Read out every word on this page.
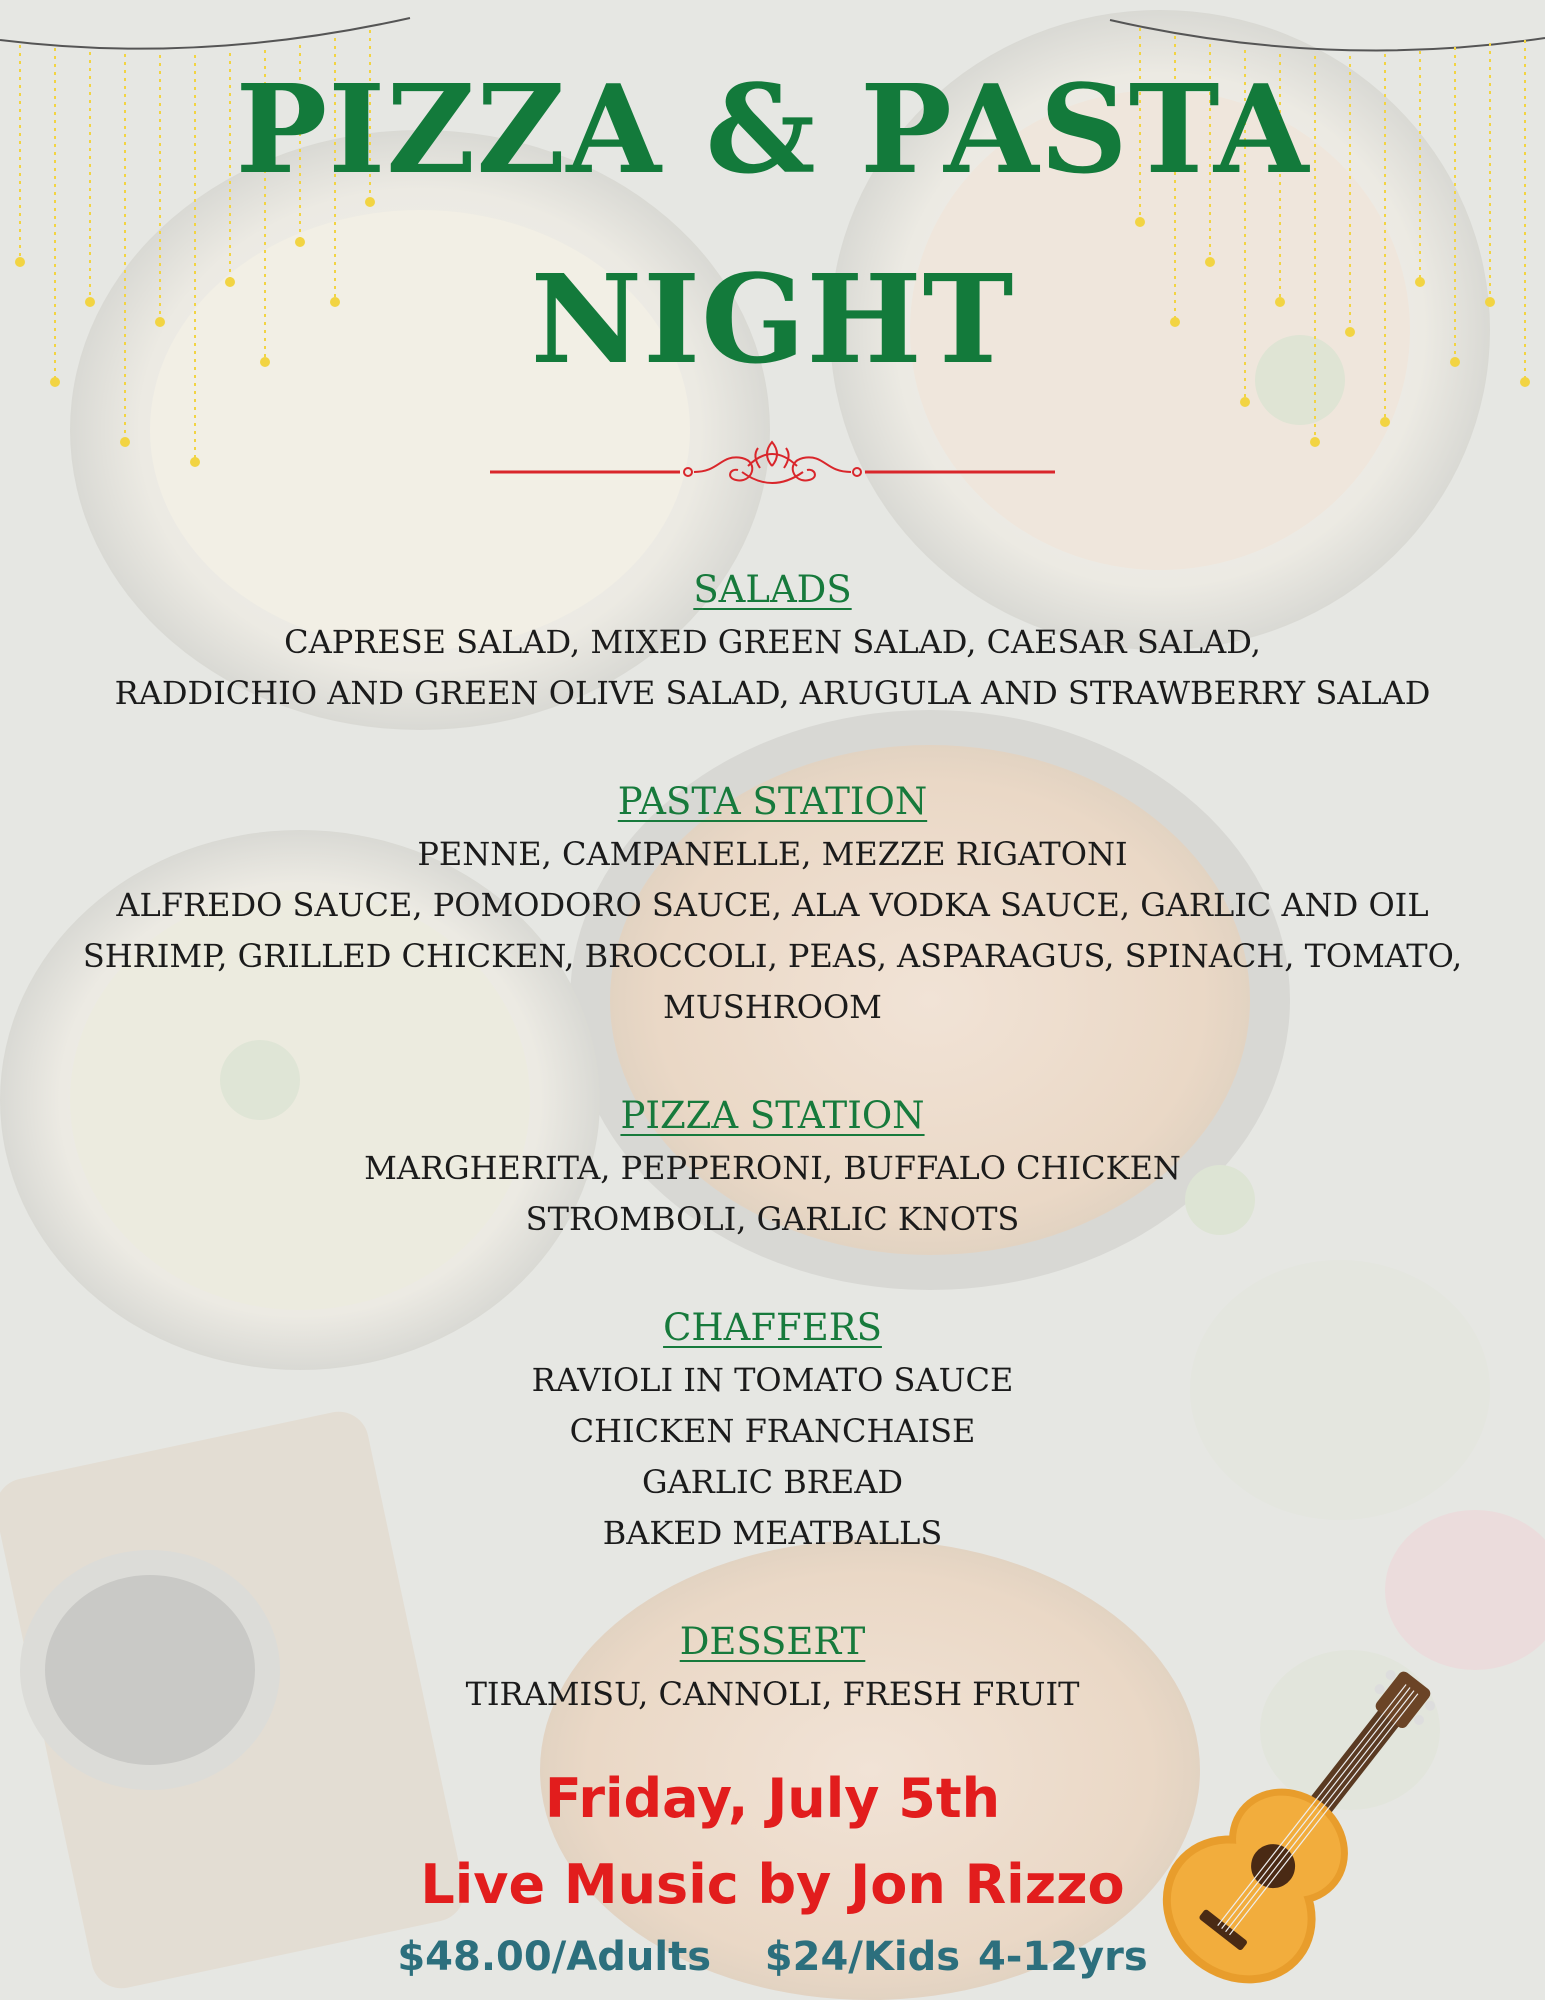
PIZZA & PASTA
NIGHT
SALADS
CAPRESE SALAD, MIXED GREEN SALAD, CAESAR SALAD,
RADDICHIO AND GREEN OLIVE SALAD, ARUGULA AND STRAWBERRY SALAD
PASTA STATION
PENNE, CAMPANELLE, MEZZE RIGATONI
ALFREDO SAUCE, POMODORO SAUCE, ALA VODKA SAUCE, GARLIC AND OIL
SHRIMP, GRILLED CHICKEN, BROCCOLI, PEAS, ASPARAGUS, SPINACH, TOMATO,
MUSHROOM
PIZZA STATION
MARGHERITA, PEPPERONI, BUFFALO CHICKEN
STROMBOLI, GARLIC KNOTS
CHAFFERS
RAVIOLI IN TOMATO SAUCE
CHICKEN FRANCHAISE
GARLIC BREAD
BAKED MEATBALLS
DESSERT
TIRAMISU, CANNOLI, FRESH FRUIT
Friday, July 5th
Live Music by Jon Rizzo
$48.00/Adults $24/Kids 4-12yrs
